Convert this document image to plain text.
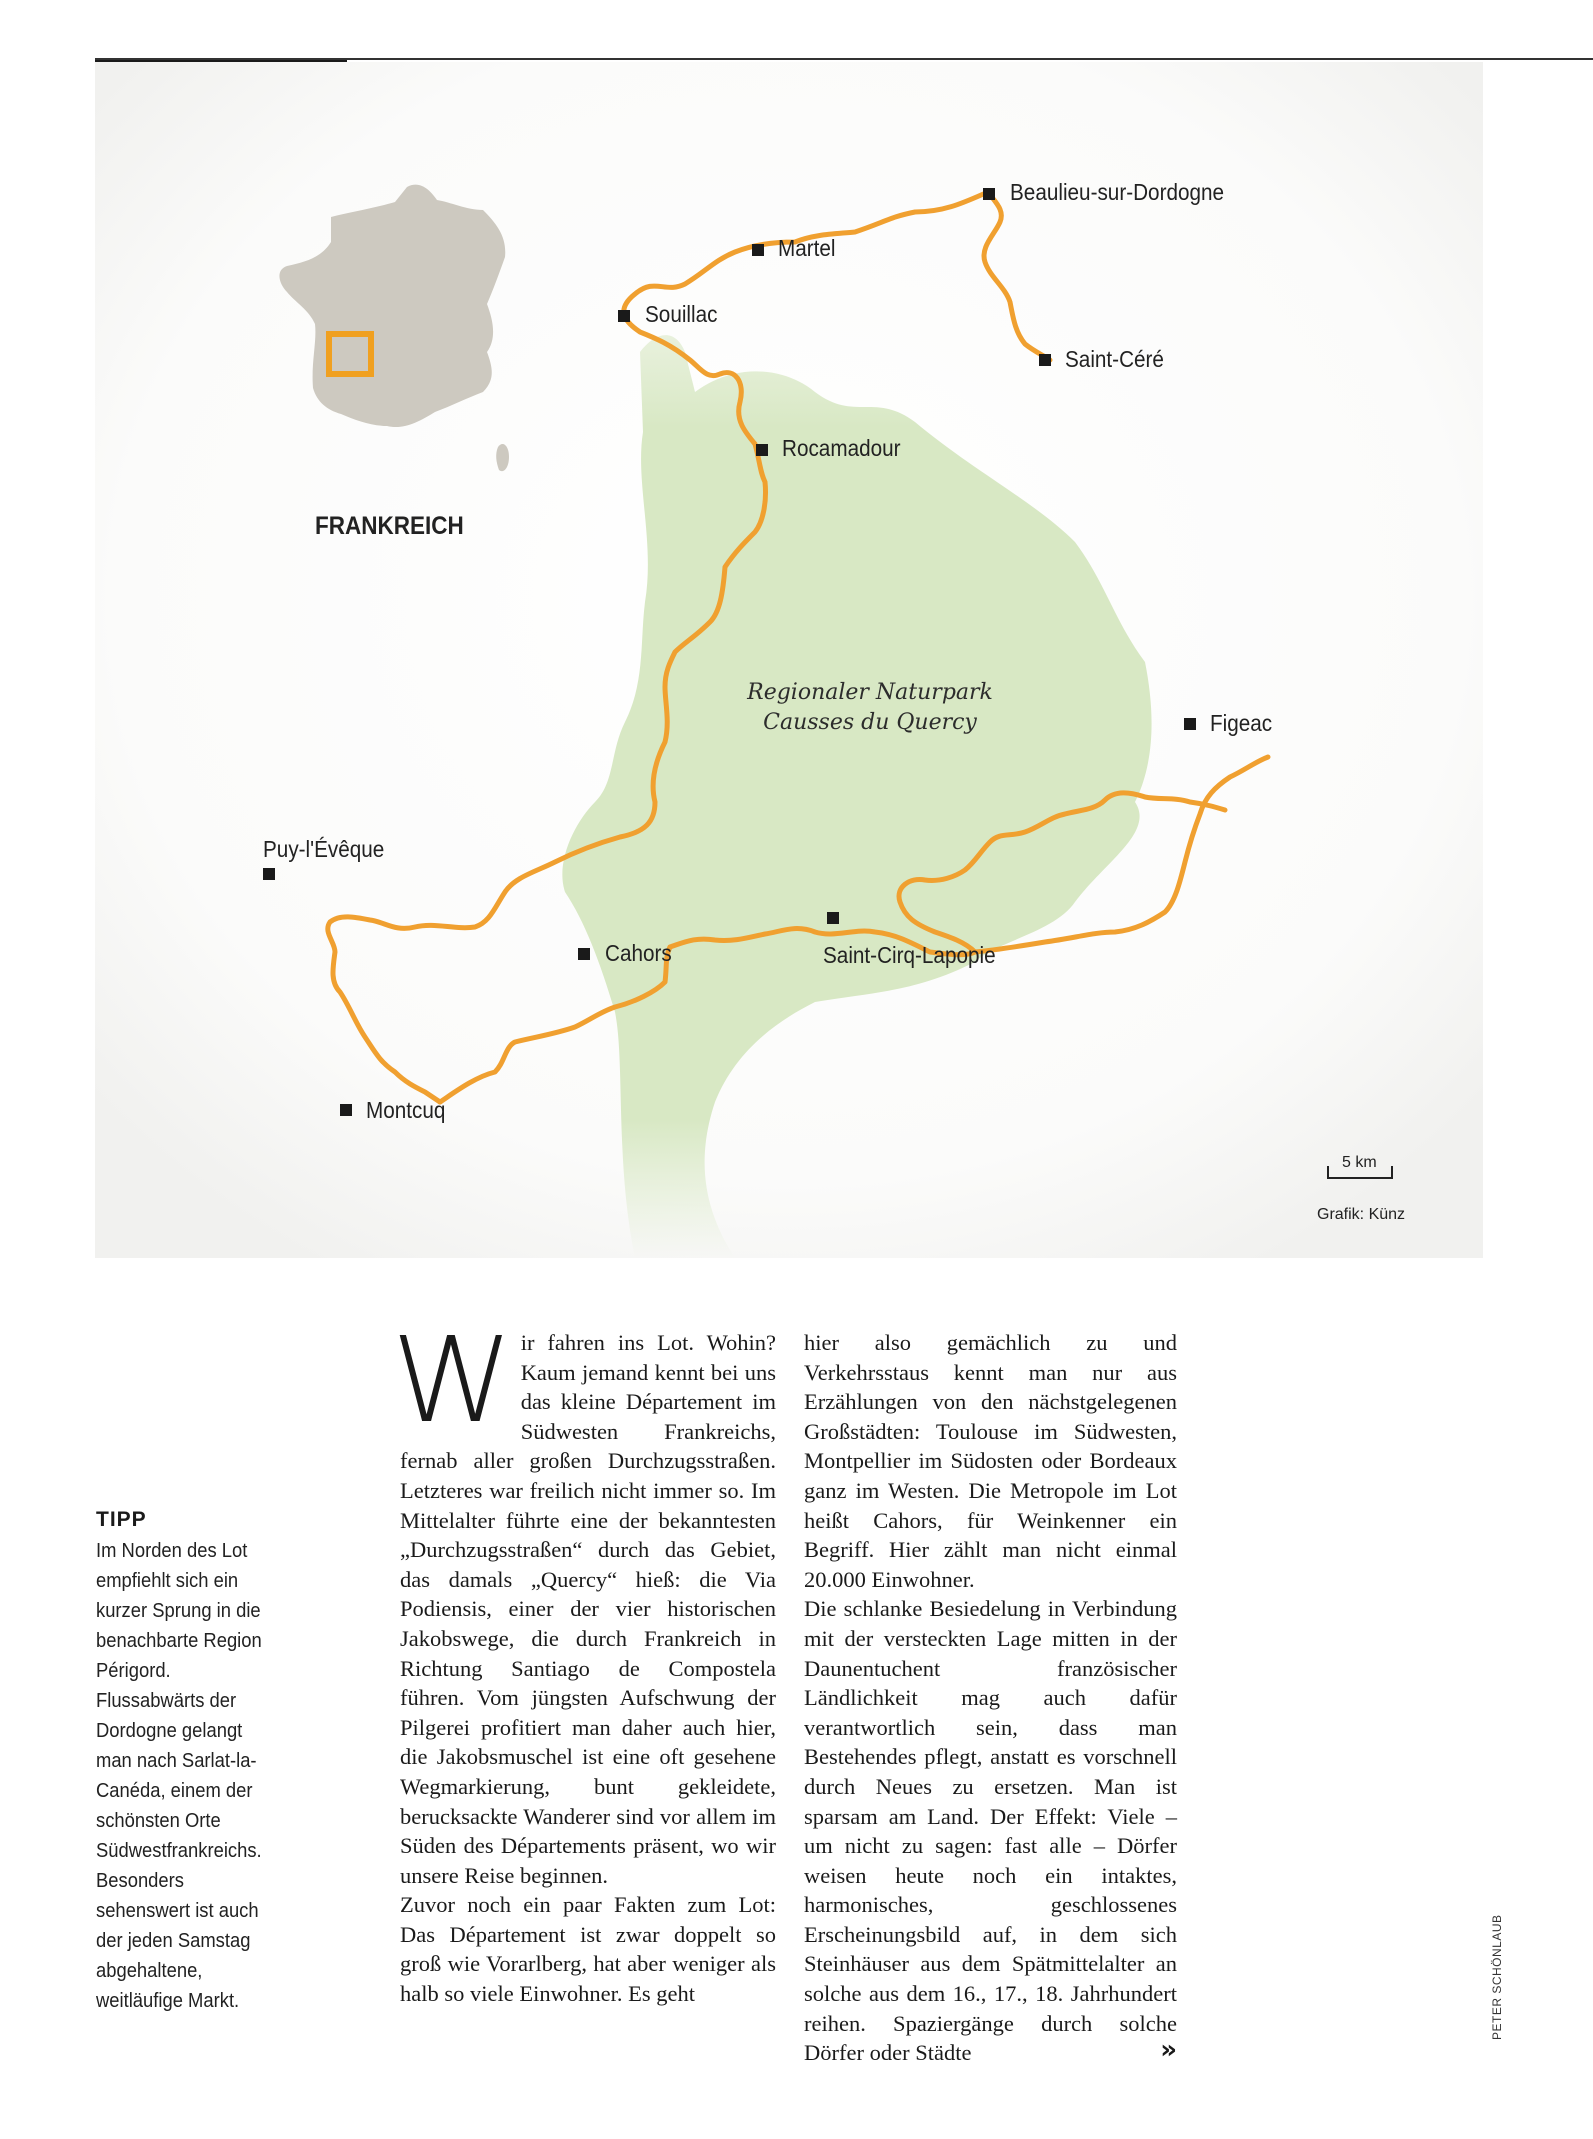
FRANKREICH
Beaulieu-sur-Dordogne
Martel
Souillac
Saint-Céré
Rocamadour
Figeac
Puy-l'Évêque
Cahors	Saint-Cirq-Lapopie
Montcuq
Regionaler Naturpark
Causses du Quercy
5 km
Grafik: Künz
TIPP
Im Norden des Lot empfiehlt sich ein kurzer Sprung in die benachbarte Region Périgord. Flussabwärts der Dordogne gelangt man nach Sarlat-la-Canéda, einem der schönsten Orte Südwestfrankreichs. Besonders sehenswert ist auch der jeden Samstag abgehaltene, weitläufige Markt.

Wir fahren ins Lot. Wohin? Kaum jemand kennt bei uns das kleine Département im Südwesten Frankreichs, fernab aller großen Durchzugsstraßen. Letzteres war freilich nicht immer so. Im Mittelalter führte eine der bekanntesten „Durchzugsstraßen“ durch das Gebiet, das damals „Quercy“ hieß: die Via Podiensis, einer der vier historischen Jakobswege, die durch Frankreich in Richtung Santiago de Compostela führen. Vom jüngsten Aufschwung der Pilgerei profitiert man daher auch hier, die Jakobsmuschel ist eine oft gesehene Wegmarkierung, bunt gekleidete, berucksackte Wanderer sind vor allem im Süden des Départements präsent, wo wir unsere Reise beginnen.

Zuvor noch ein paar Fakten zum Lot: Das Département ist zwar doppelt so groß wie Vorarlberg, hat aber weniger als halb so viele Einwohner. Es geht

hier also gemächlich zu und Verkehrsstaus kennt man nur aus Erzählungen von den nächstgelegenen Großstädten: Toulouse im Südwesten, Montpellier im Südosten oder Bordeaux ganz im Westen. Die Metropole im Lot heißt Cahors, für Weinkenner ein Begriff. Hier zählt man nicht einmal 20.000 Einwohner.

Die schlanke Besiedelung in Verbindung mit der versteckten Lage mitten in der Daunentuchent französischer Ländlichkeit mag auch dafür verantwortlich sein, dass man Bestehendes pflegt, anstatt es vorschnell durch Neues zu ersetzen. Man ist sparsam am Land. Der Effekt: Viele – um nicht zu sagen: fast alle – Dörfer weisen heute noch ein intaktes, harmonisches, geschlossenes Erscheinungsbild auf, in dem sich Steinhäuser aus dem Spätmittelalter an solche aus dem 16., 17., 18. Jahrhundert reihen. Spaziergänge durch solche Dörfer oder Städte	»

PETER SCHÖNLAUB
